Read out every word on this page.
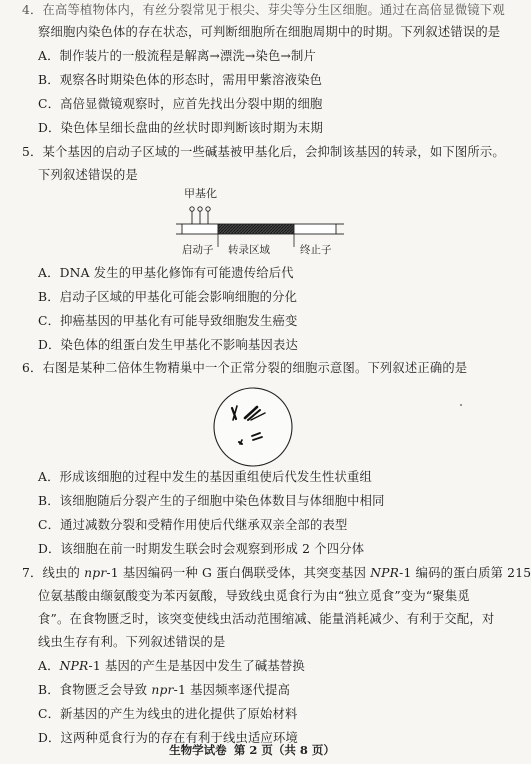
4．在高等植物体内，有丝分裂常见于根尖、芽尖等分生区细胞。通过在高倍显微镜下观
察细胞内染色体的存在状态，可判断细胞所在细胞周期中的时期。下列叙述错误的是
A．制作装片的一般流程是解离→漂洗→染色→制片
B．观察各时期染色体的形态时，需用甲紫溶液染色
C．高倍显微镜观察时，应首先找出分裂中期的细胞
D．染色体呈细长盘曲的丝状时即判断该时期为末期
5．某个基因的启动子区域的一些碱基被甲基化后，会抑制该基因的转录，如下图所示。
下列叙述错误的是
甲基化
启动子 转录区域	终止子
A．DNA 发生的甲基化修饰有可能遗传给后代
B．启动子区域的甲基化可能会影响细胞的分化
C．抑癌基因的甲基化有可能导致细胞发生癌变
D．染色体的组蛋白发生甲基化不影响基因表达
6．右图是某种二倍体生物精巢中一个正常分裂的细胞示意图。下列叙述正确的是
A．形成该细胞的过程中发生的基因重组使后代发生性状重组
B．该细胞随后分裂产生的子细胞中染色体数目与体细胞中相同
C．通过减数分裂和受精作用使后代继承双亲全部的表型
D．该细胞在前一时期发生联会时会观察到形成 2 个四分体
7．线虫的 npr-1 基因编码一种 G 蛋白偶联受体，其突变基因 NPR-1 编码的蛋白质第 215
位氨基酸由缬氨酸变为苯丙氨酸，导致线虫觅食行为由“独立觅食”变为“聚集觅
食”。在食物匮乏时，该突变使线虫活动范围缩减、能量消耗减少、有利于交配，对
线虫生存有利。下列叙述错误的是
A．NPR-1 基因的产生是基因中发生了碱基替换
B．食物匮乏会导致 npr-1 基因频率逐代提高
C．新基因的产生为线虫的进化提供了原始材料
D．这两种觅食行为的存在有利于线虫适应环境
生物学试卷 第 2 页（共 8 页）
